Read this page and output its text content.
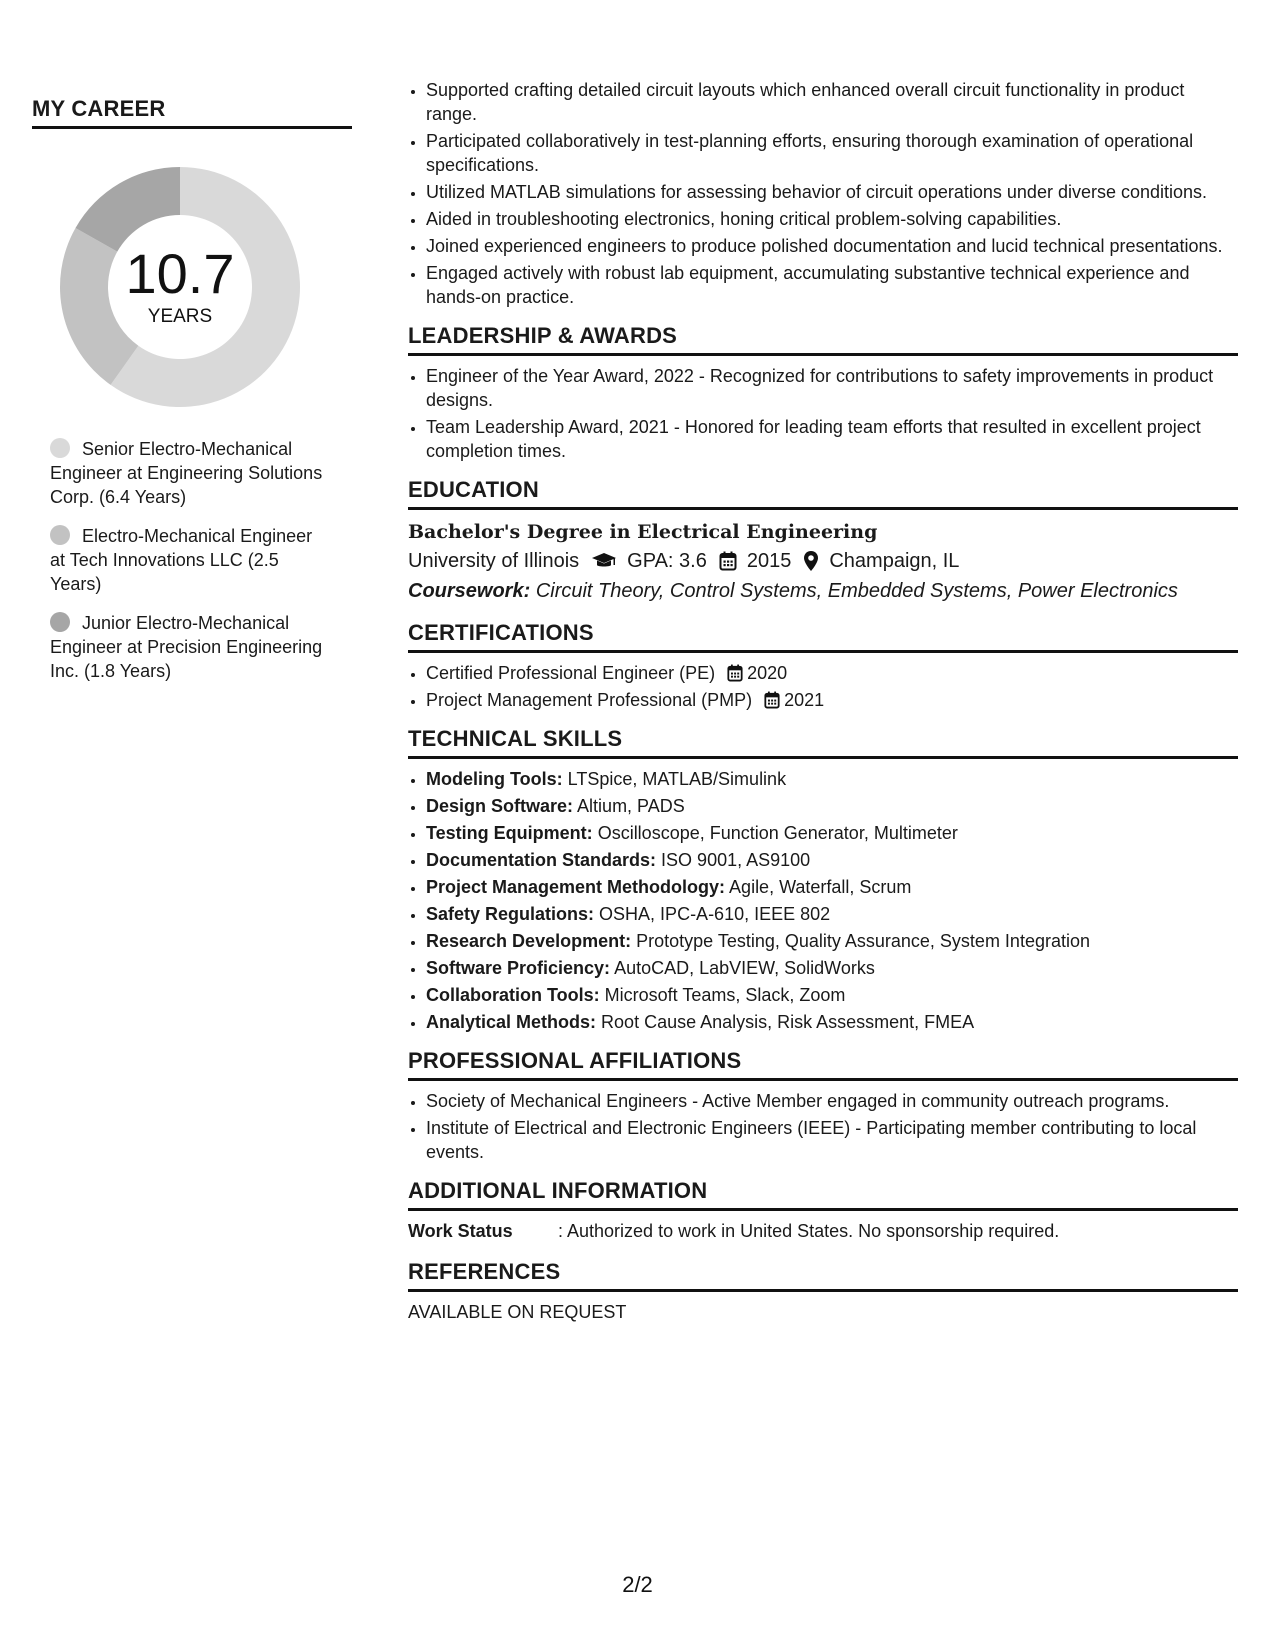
MY CAREER
10.7
YEARS
Senior Electro-Mechanical Engineer at Engineering Solutions Corp. (6.4 Years)
Electro-Mechanical Engineer at Tech Innovations LLC (2.5 Years)
Junior Electro-Mechanical Engineer at Precision Engineering Inc. (1.8 Years)
• Supported crafting detailed circuit layouts which enhanced overall circuit functionality in product range.
• Participated collaboratively in test-planning efforts, ensuring thorough examination of operational specifications.
• Utilized MATLAB simulations for assessing behavior of circuit operations under diverse conditions.
• Aided in troubleshooting electronics, honing critical problem-solving capabilities.
• Joined experienced engineers to produce polished documentation and lucid technical presentations.
• Engaged actively with robust lab equipment, accumulating substantive technical experience and hands-on practice.
LEADERSHIP & AWARDS
• Engineer of the Year Award, 2022 - Recognized for contributions to safety improvements in product designs.
• Team Leadership Award, 2021 - Honored for leading team efforts that resulted in excellent project completion times.
EDUCATION
Bachelor's Degree in Electrical Engineering
University of Illinois GPA: 3.6 2015 Champaign, IL
Coursework: Circuit Theory, Control Systems, Embedded Systems, Power Electronics
CERTIFICATIONS
• Certified Professional Engineer (PE) 2020
• Project Management Professional (PMP) 2021
TECHNICAL SKILLS
• Modeling Tools: LTSpice, MATLAB/Simulink
• Design Software: Altium, PADS
• Testing Equipment: Oscilloscope, Function Generator, Multimeter
• Documentation Standards: ISO 9001, AS9100
• Project Management Methodology: Agile, Waterfall, Scrum
• Safety Regulations: OSHA, IPC-A-610, IEEE 802
• Research Development: Prototype Testing, Quality Assurance, System Integration
• Software Proficiency: AutoCAD, LabVIEW, SolidWorks
• Collaboration Tools: Microsoft Teams, Slack, Zoom
• Analytical Methods: Root Cause Analysis, Risk Assessment, FMEA
PROFESSIONAL AFFILIATIONS
• Society of Mechanical Engineers - Active Member engaged in community outreach programs.
• Institute of Electrical and Electronic Engineers (IEEE) - Participating member contributing to local events.
ADDITIONAL INFORMATION
Work Status	: Authorized to work in United States. No sponsorship required.
REFERENCES
AVAILABLE ON REQUEST
2/2
